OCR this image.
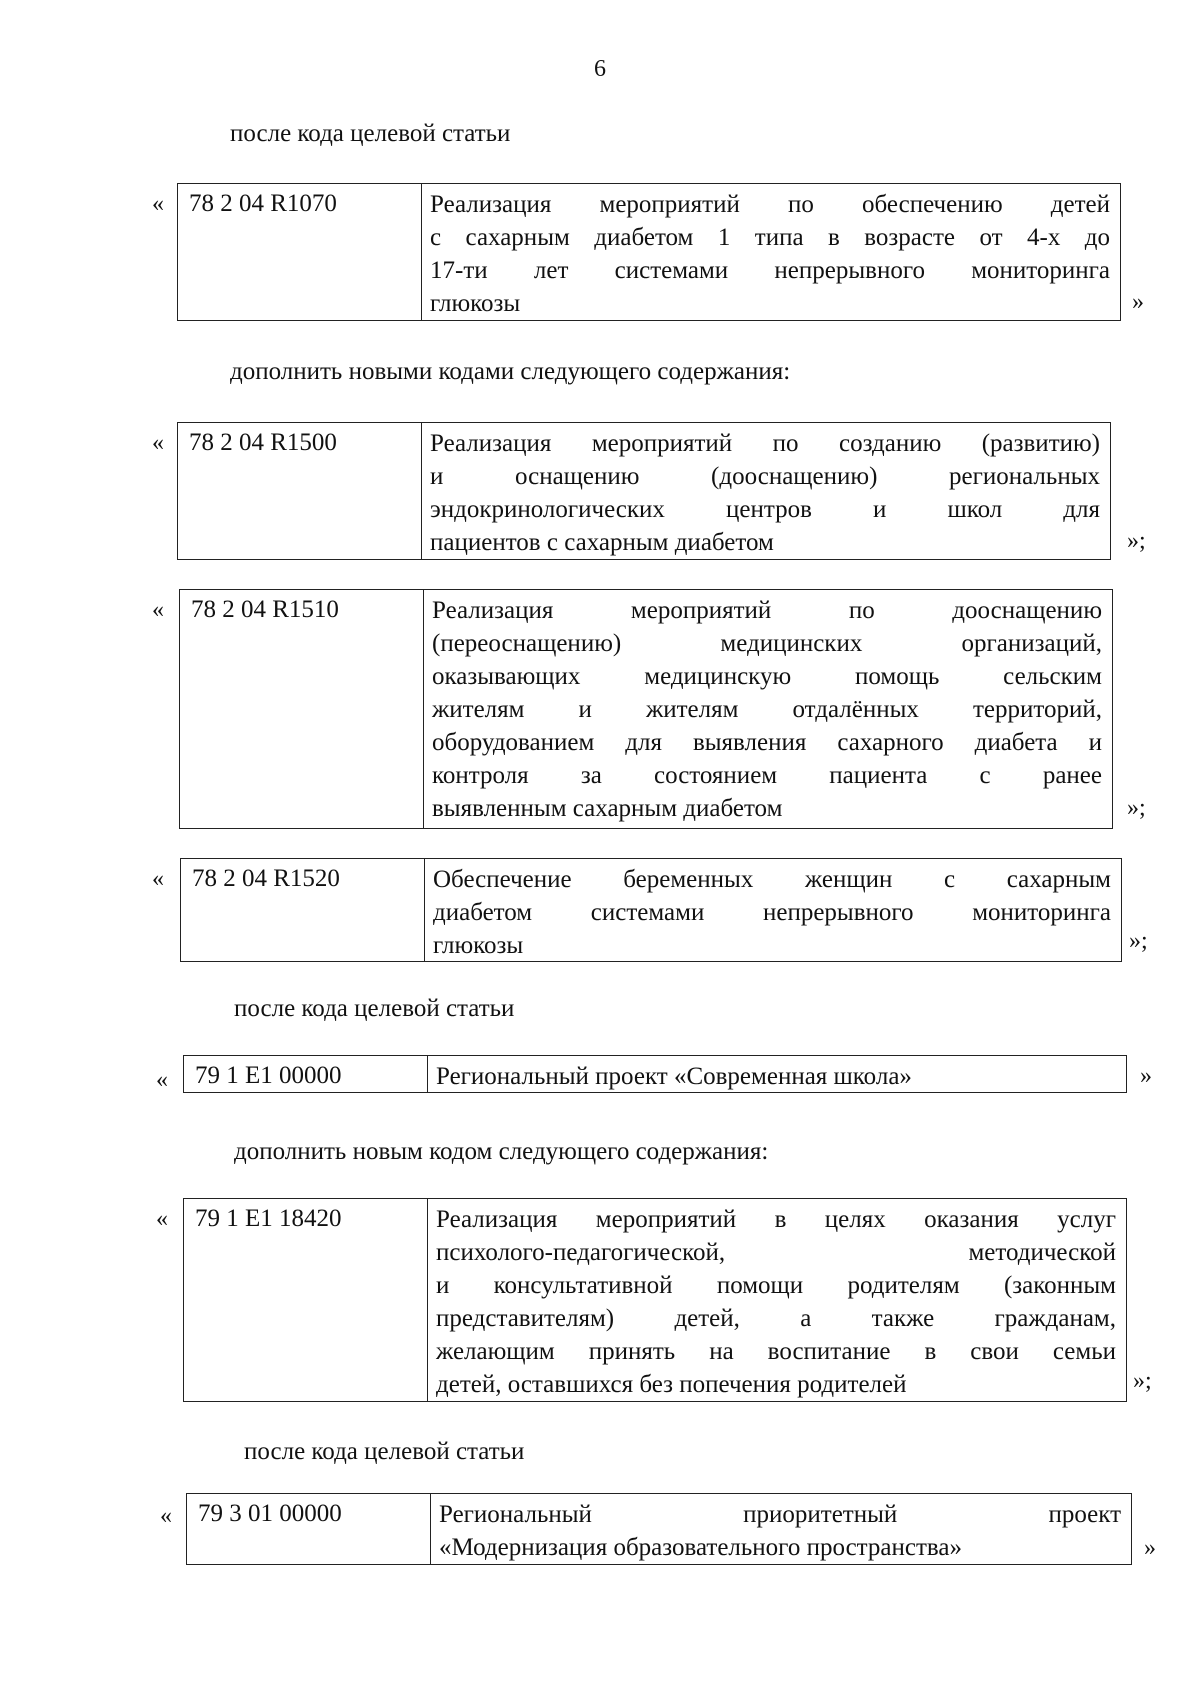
6
после кода целевой статьи
«	78 2 04 R1070	Реализация мероприятий по обеспечению детей
с сахарным диабетом 1 типа в возрасте от 4-х до
17-ти лет системами непрерывного мониторинга
глюкозы	»
дополнить новыми кодами следующего содержания:
«	78 2 04 R1500	Реализация мероприятий по созданию (развитию)
и оснащению (дооснащению) региональных
эндокринологических центров и школ для
пациентов с сахарным диабетом	»;
«	78 2 04 R1510	Реализация мероприятий по дооснащению
(переоснащению) медицинских организаций,
оказывающих медицинскую помощь сельским
жителям и жителям отдалённых территорий,
оборудованием для выявления сахарного диабета и
контроля за состоянием пациента с ранее
выявленным сахарным диабетом	»;
«	78 2 04 R1520	Обеспечение беременных женщин с сахарным
диабетом системами непрерывного мониторинга
глюкозы	»;
после кода целевой статьи
«	79 1 E1 00000	Региональный проект «Современная школа»	»
дополнить новым кодом следующего содержания:
«	79 1 E1 18420	Реализация мероприятий в целях оказания услуг
психолого-педагогической, методической
и консультативной помощи родителям (законным
представителям) детей, а также гражданам,
желающим принять на воспитание в свои семьи
детей, оставшихся без попечения родителей	»;
после кода целевой статьи
«	79 3 01 00000	Региональный приоритетный проект
«Модернизация образовательного пространства»	»
